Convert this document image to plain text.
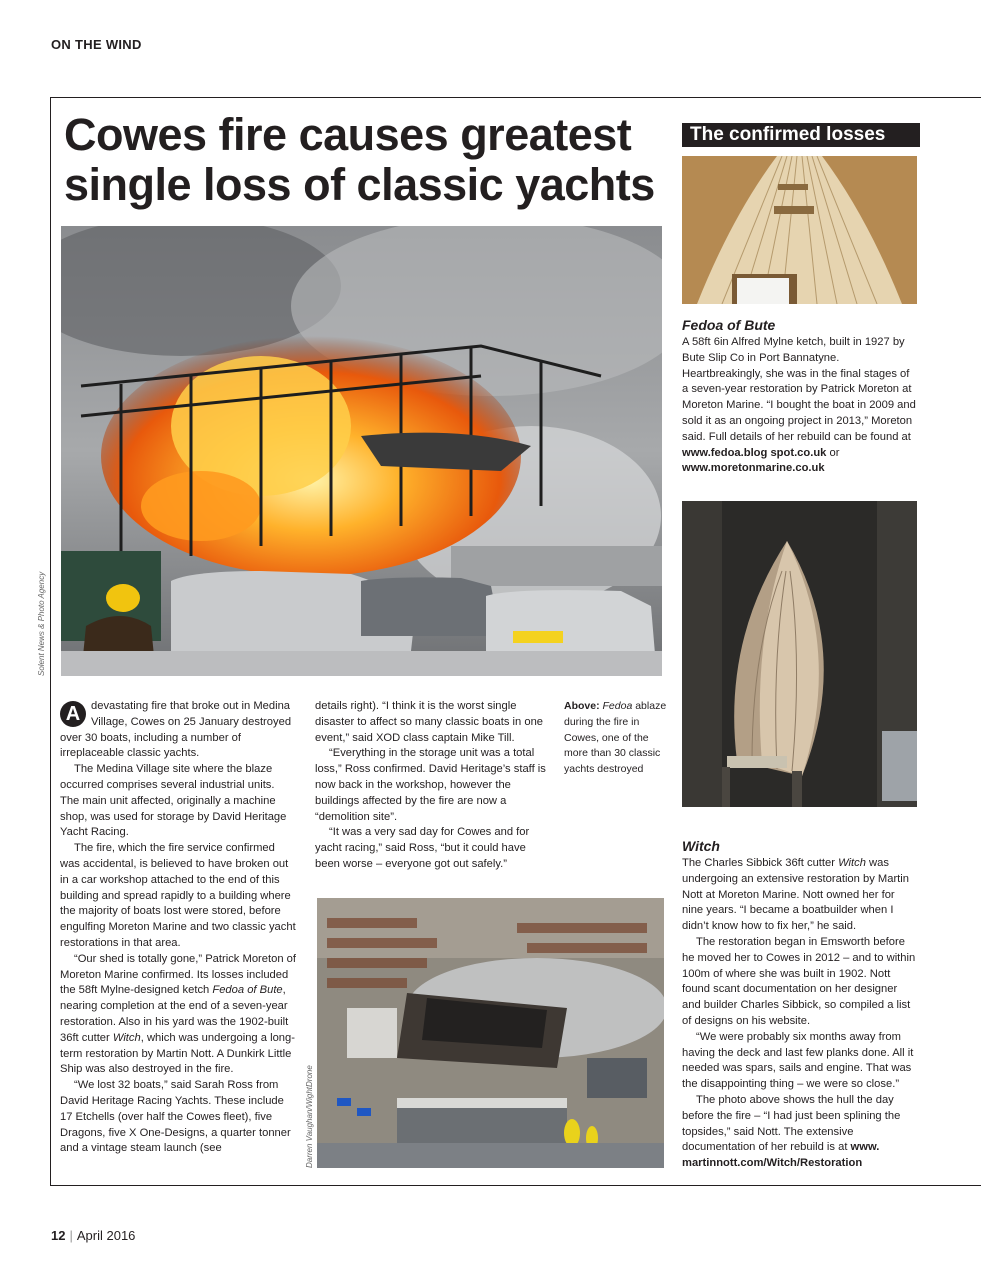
ON THE WIND
Cowes fire causes greatest single loss of classic yachts
The confirmed losses
Solent News & Photo Agency

A devastating fire that broke out in Medina Village, Cowes on 25 January destroyed over 30 boats, including a number of irreplaceable classic yachts.

The Medina Village site where the blaze occurred comprises several industrial units. The main unit affected, originally a machine shop, was used for storage by David Heritage Yacht Racing.

The fire, which the fire service confirmed was accidental, is believed to have broken out in a car workshop attached to the end of this building and spread rapidly to a building where the majority of boats lost were stored, before engulfing Moreton Marine and two classic yacht restorations in that area.

“Our shed is totally gone,” Patrick Moreton of Moreton Marine confirmed. Its losses included the 58ft Mylne-designed ketch Fedoa of Bute, nearing completion at the end of a seven-year restoration. Also in his yard was the 1902-built 36ft cutter Witch, which was undergoing a long-term restoration by Martin Nott. A Dunkirk Little Ship was also destroyed in the fire.

“We lost 32 boats,” said Sarah Ross from David Heritage Racing Yachts. These include 17 Etchells (over half the Cowes fleet), five Dragons, five X One-Designs, a quarter tonner and a vintage steam launch (see

details right). “I think it is the worst single disaster to affect so many classic boats in one event,” said XOD class captain Mike Till.

“Everything in the storage unit was a total loss,” Ross confirmed. David Heritage’s staff is now back in the workshop, however the buildings affected by the fire are now a “demolition site”.

“It was a very sad day for Cowes and for yacht racing,” said Ross, “but it could have been worse – everyone got out safely.”

Above: Fedoa ablaze during the fire in Cowes, one of the more than 30 classic yachts destroyed
Darren Vaughan/WightDrone
Fedoa of Bute

A 58ft 6in Alfred Mylne ketch, built in 1927 by Bute Slip Co in Port Bannatyne. Heartbreakingly, she was in the final stages of a seven-year restoration by Patrick Moreton at Moreton Marine. “I bought the boat in 2009 and sold it as an ongoing project in 2013,” Moreton said. Full details of her rebuild can be found at www.fedoa.blog spot.co.uk or www.moretonmarine.co.uk

Witch

The Charles Sibbick 36ft cutter Witch was undergoing an extensive restoration by Martin Nott at Moreton Marine. Nott owned her for nine years. “I became a boatbuilder when I didn’t know how to fix her,” he said.

The restoration began in Emsworth before he moved her to Cowes in 2012 – and to within 100m of where she was built in 1902. Nott found scant documentation on her designer and builder Charles Sibbick, so compiled a list of designs on his website.

“We were probably six months away from having the deck and last few planks done. All it needed was spars, sails and engine. That was the disappointing thing – we were so close.”

The photo above shows the hull the day before the fire – “I had just been splining the topsides,” said Nott. The extensive documentation of her rebuild is at www. martinnott.com/Witch/Restoration

12 | April 2016
